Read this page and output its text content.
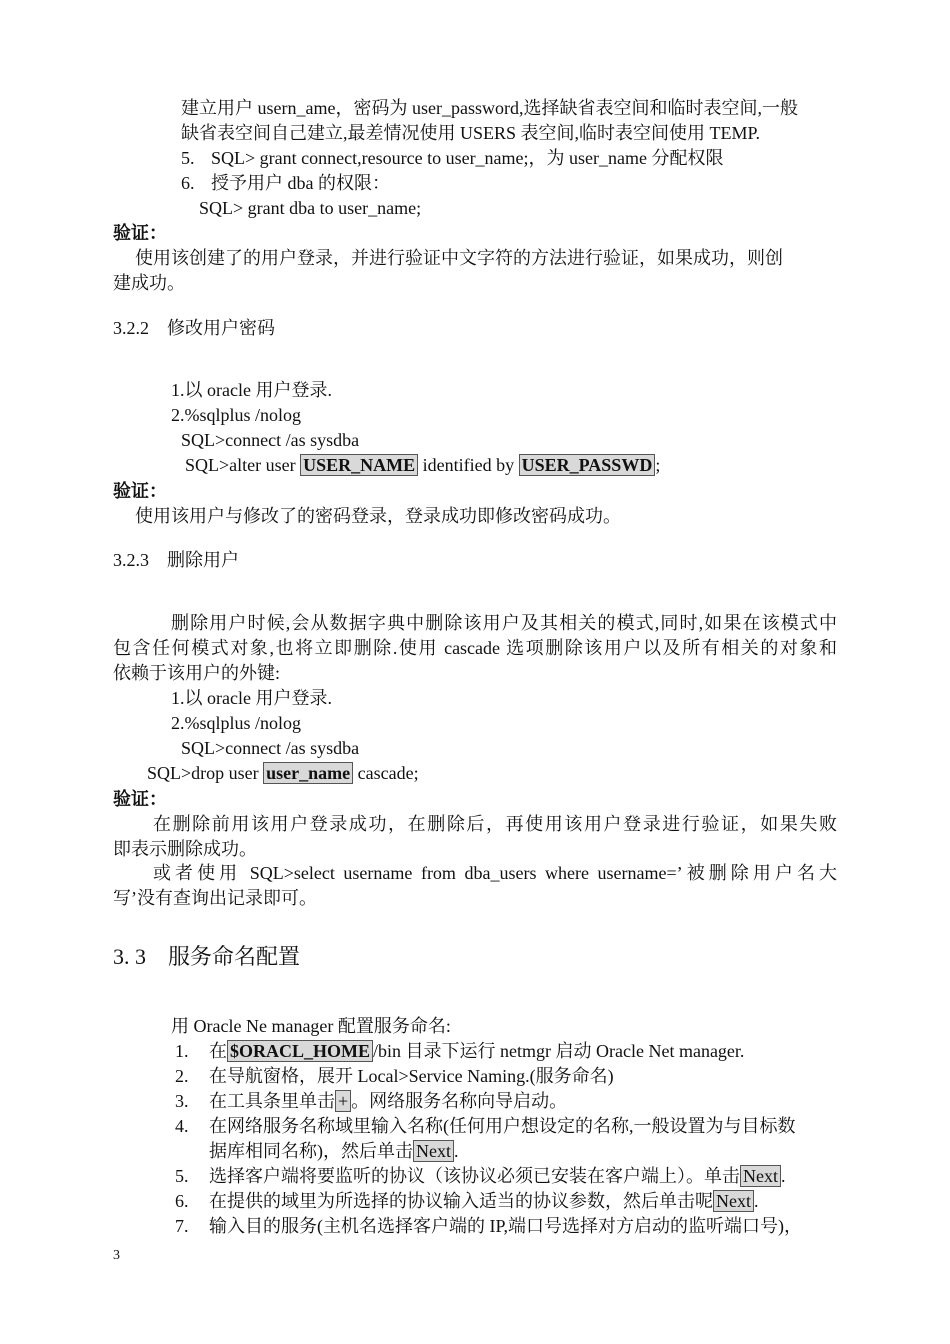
建立用户 usern_ame，密码为 user_password,选择缺省表空间和临时表空间,一般
缺省表空间自己建立,最差情况使用 USERS 表空间,临时表空间使用 TEMP.
5. SQL> grant connect,resource to user_name;，为 user_name 分配权限
6. 授予用户 dba 的权限：
SQL> grant dba to user_name;
验证：
使用该创建了的用户登录，并进行验证中文字符的方法进行验证，如果成功，则创
建成功。
3.2.2　修改用户密码
1.以 oracle 用户登录.
2.%sqlplus /nolog
SQL>connect /as sysdba
SQL>alter user USER_NAME identified by USER_PASSWD ;
验证：
使用该用户与修改了的密码登录，登录成功即修改密码成功。
3.2.3　删除用户
删除用户时候,会从数据字典中删除该用户及其相关的模式,同时,如果在该模式中
包含任何模式对象,也将立即删除.使用 cascade 选项删除该用户以及所有相关的对象和
依赖于该用户的外键:
1.以 oracle 用户登录.
2.%sqlplus /nolog
SQL>connect /as sysdba
SQL>drop user user_name cascade;
验证：
在删除前用该用户登录成功，在删除后，再使用该用户登录进行验证，如果失败
即表示删除成功。
或者使用 SQL>select username from dba_users where username=’被删除用户名大
写’没有查询出记录即可。
3. 3　服务命名配置
用 Oracle Ne manager 配置服务命名:
1. 在 $ORACL_HOME /bin 目录下运行 netmgr 启动 Oracle Net manager.
2. 在导航窗格，展开 Local>Service Naming.(服务命名)
3. 在工具条里单击 + 。网络服务名称向导启动。
4. 在网络服务名称域里输入名称(任何用户想设定的名称,一般设置为与目标数
据库相同名称)，然后单击 Next .
5. 选择客户端将要监听的协议（该协议必须已安装在客户端上）。单击 Next .
6. 在提供的域里为所选择的协议输入适当的协议参数，然后单击呢 Next .
7. 输入目的服务(主机名选择客户端的 IP,端口号选择对方启动的监听端口号)，
3
